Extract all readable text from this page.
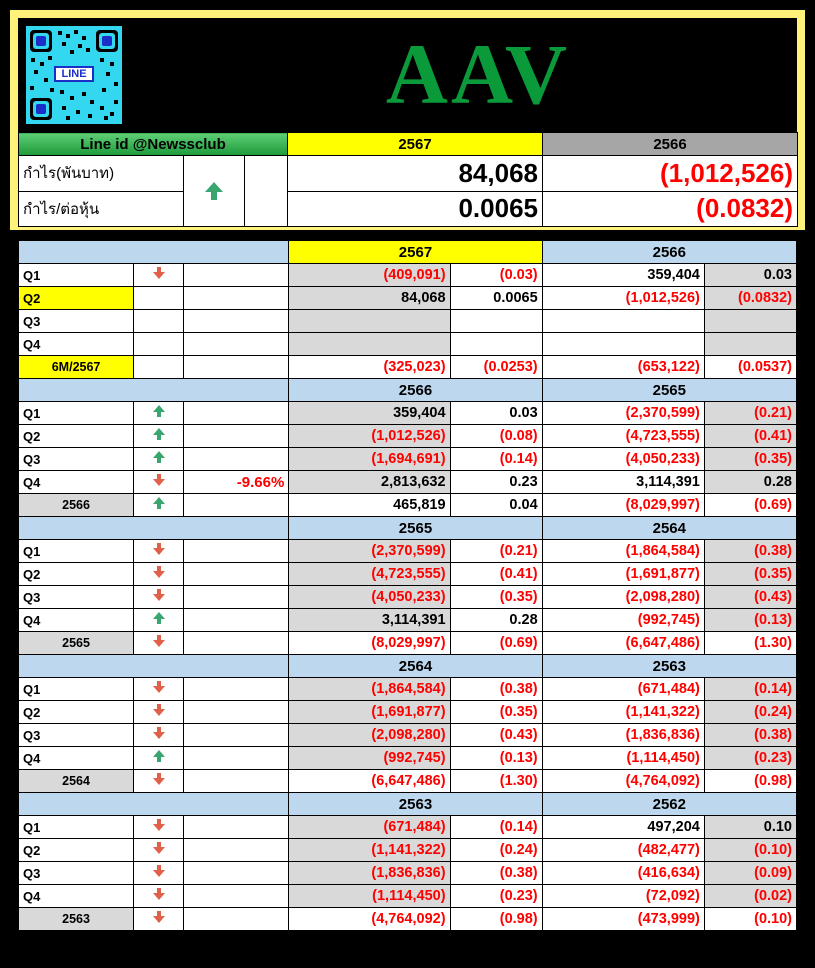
LINE	AAV
Line id @Newssclub		2567	2566
กำไร(พันบาท)		84,068	(1,012,526)
กำไร/ต่อหุ้น		0.0065	(0.0832)
			2567		2566	
Q1			(409,091)	(0.03)	359,404	0.03
Q2			84,068	0.0065	(1,012,526)	(0.0832)
Q3						
Q4						
6M/2567			(325,023)	(0.0253)	(653,122)	(0.0537)
			2566		2565	
Q1			359,404	0.03	(2,370,599)	(0.21)
Q2			(1,012,526)	(0.08)	(4,723,555)	(0.41)
Q3			(1,694,691)	(0.14)	(4,050,233)	(0.35)
Q4		-9.66%	2,813,632	0.23	3,114,391	0.28
2566			465,819	0.04	(8,029,997)	(0.69)
			2565		2564	
Q1			(2,370,599)	(0.21)	(1,864,584)	(0.38)
Q2			(4,723,555)	(0.41)	(1,691,877)	(0.35)
Q3			(4,050,233)	(0.35)	(2,098,280)	(0.43)
Q4			3,114,391	0.28	(992,745)	(0.13)
2565			(8,029,997)	(0.69)	(6,647,486)	(1.30)
			2564		2563	
Q1			(1,864,584)	(0.38)	(671,484)	(0.14)
Q2			(1,691,877)	(0.35)	(1,141,322)	(0.24)
Q3			(2,098,280)	(0.43)	(1,836,836)	(0.38)
Q4			(992,745)	(0.13)	(1,114,450)	(0.23)
2564			(6,647,486)	(1.30)	(4,764,092)	(0.98)
			2563		2562	
Q1			(671,484)	(0.14)	497,204	0.10
Q2			(1,141,322)	(0.24)	(482,477)	(0.10)
Q3			(1,836,836)	(0.38)	(416,634)	(0.09)
Q4			(1,114,450)	(0.23)	(72,092)	(0.02)
2563			(4,764,092)	(0.98)	(473,999)	(0.10)
